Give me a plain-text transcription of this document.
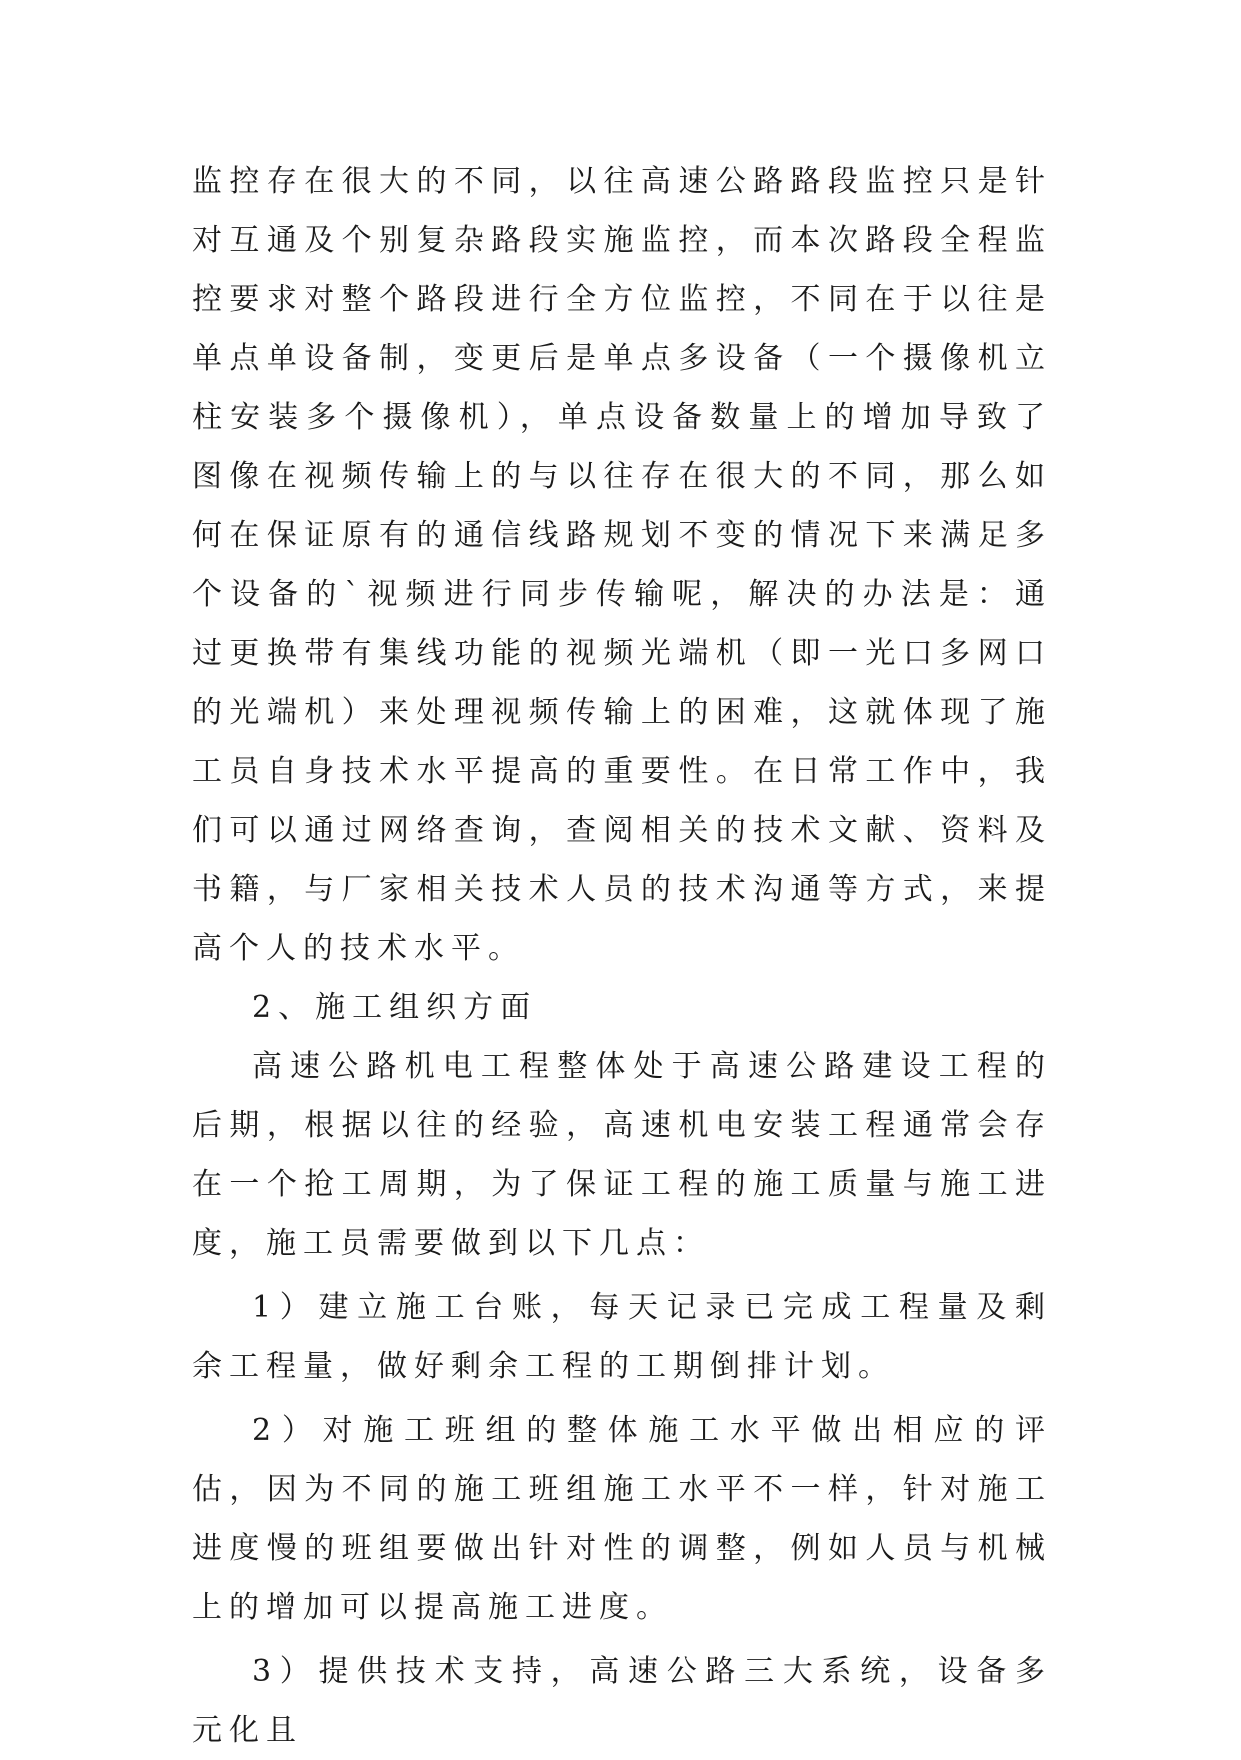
监控存在很大的不同，以往高速公路路段监控只是针对互通及个别复杂路段实施监控，而本次路段全程监控要求对整个路段进行全方位监控，不同在于以往是单点单设备制，变更后是单点多设备（一个摄像机立柱安装多个摄像机），单点设备数量上的增加导致了图像在视频传输上的与以往存在很大的不同，那么如何在保证原有的通信线路规划不变的情况下来满足多个设备的`视频进行同步传输呢，解决的办法是：通过更换带有集线功能的视频光端机（即一光口多网口的光端机）来处理视频传输上的困难，这就体现了施工员自身技术水平提高的重要性。在日常工作中，我们可以通过网络查询，查阅相关的技术文献、资料及书籍，与厂家相关技术人员的技术沟通等方式，来提高个人的技术水平。

2、施工组织方面

高速公路机电工程整体处于高速公路建设工程的后期，根据以往的经验，高速机电安装工程通常会存在一个抢工周期，为了保证工程的施工质量与施工进度，施工员需要做到以下几点：

1）建立施工台账，每天记录已完成工程量及剩余工程量，做好剩余工程的工期倒排计划。

2）对施工班组的整体施工水平做出相应的评估，因为不同的施工班组施工水平不一样，针对施工进度慢的班组要做出针对性的调整，例如人员与机械上的增加可以提高施工进度。

3）提供技术支持，高速公路三大系统，设备多元化且
